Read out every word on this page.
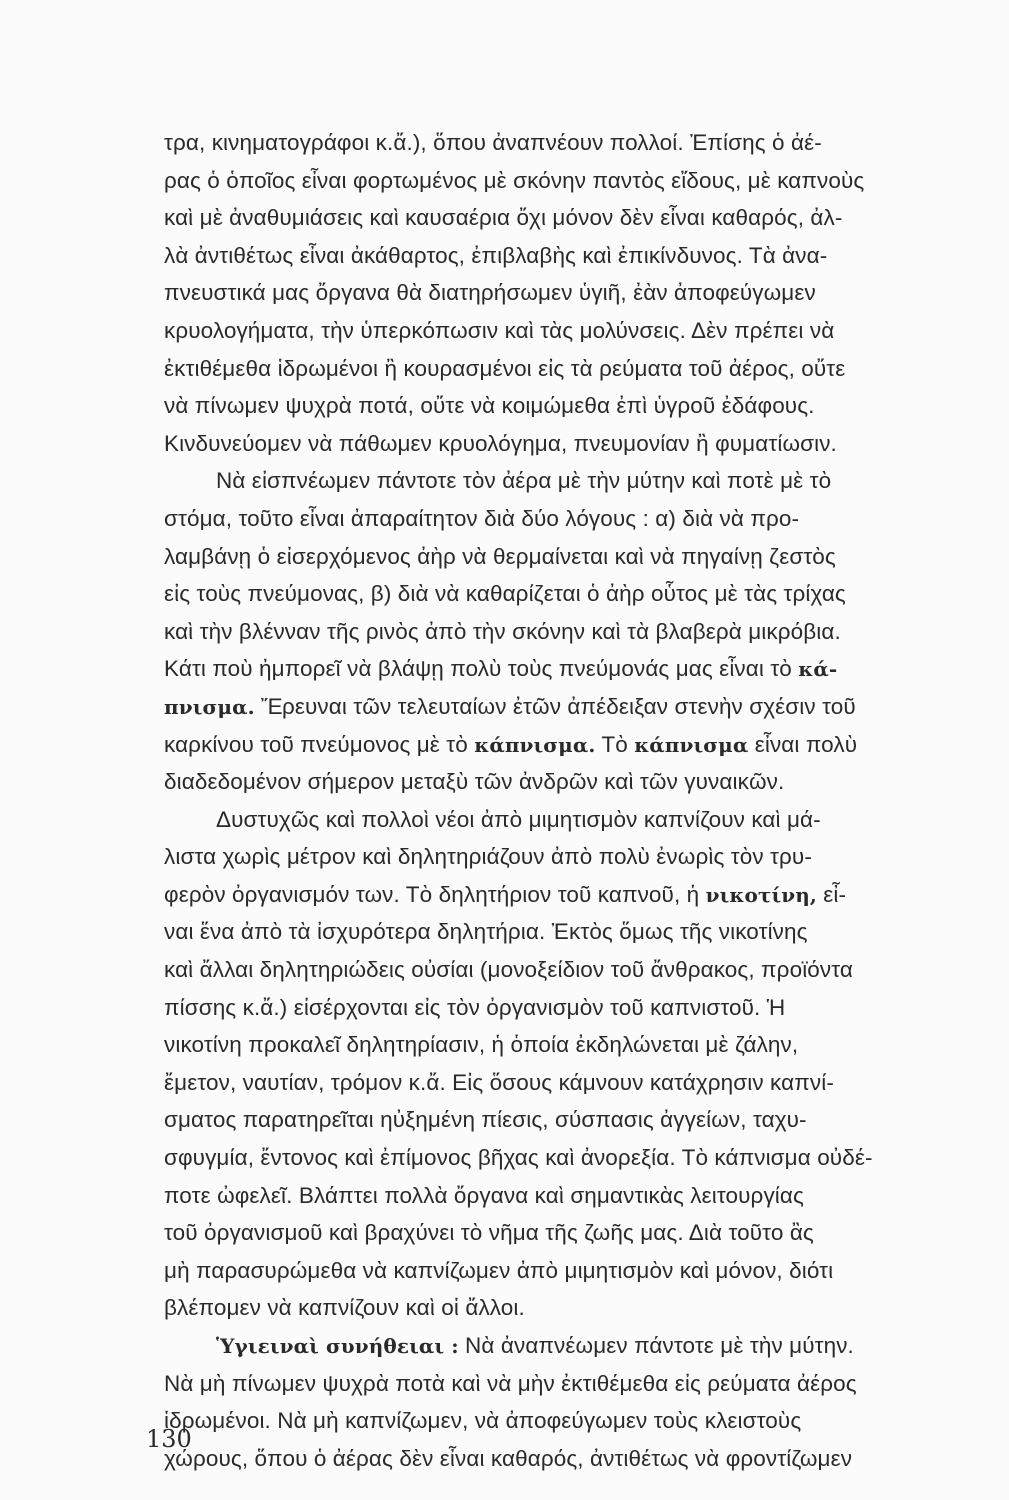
τρα, κινηματογράφοι κ.ἄ.), ὅπου ἀναπνέουν πολλοί. Ἐπίσης ὁ ἀέ-
ρας ὁ ὁποῖος εἶναι φορτωμένος μὲ σκόνην παντὸς εἴδους, μὲ καπνοὺς
καὶ μὲ ἀναθυμιάσεις καὶ καυσαέρια ὄχι μόνον δὲν εἶναι καθαρός, ἀλ-
λὰ ἀντιθέτως εἶναι ἀκάθαρτος, ἐπιβλαβὴς καὶ ἐπικίνδυνος. Τὰ ἀνα-
πνευστικά μας ὄργανα θὰ διατηρήσωμεν ὑγιῆ, ἐὰν ἀποφεύγωμεν
κρυολογήματα, τὴν ὑπερκόπωσιν καὶ τὰς μολύνσεις. Δὲν πρέπει νὰ
ἐκτιθέμεθα ἱδρωμένοι ἢ κουρασμένοι εἰς τὰ ρεύματα τοῦ ἀέρος, οὔτε
νὰ πίνωμεν ψυχρὰ ποτά, οὔτε νὰ κοιμώμεθα ἐπὶ ὑγροῦ ἐδάφους.
Κινδυνεύομεν νὰ πάθωμεν κρυολόγημα, πνευμονίαν ἢ φυματίωσιν.
Νὰ εἰσπνέωμεν πάντοτε τὸν ἀέρα μὲ τὴν μύτην καὶ ποτὲ μὲ τὸ
στόμα, τοῦτο εἶναι ἀπαραίτητον διὰ δύο λόγους : α) διὰ νὰ προ-
λαμβάνῃ ὁ εἰσερχόμενος ἀὴρ νὰ θερμαίνεται καὶ νὰ πηγαίνῃ ζεστὸς
εἰς τοὺς πνεύμονας, β) διὰ νὰ καθαρίζεται ὁ ἀὴρ οὗτος μὲ τὰς τρίχας
καὶ τὴν βλένναν τῆς ρινὸς ἀπὸ τὴν σκόνην καὶ τὰ βλαβερὰ μικρόβια.
Κάτι ποὺ ἠμπορεῖ νὰ βλάψῃ πολὺ τοὺς πνεύμονάς μας εἶναι τὸ κά-
πνισμα. Ἔρευναι τῶν τελευταίων ἐτῶν ἀπέδειξαν στενὴν σχέσιν τοῦ
καρκίνου τοῦ πνεύμονος μὲ τὸ κάπνισμα. Τὸ κάπνισμα εἶναι πολὺ
διαδεδομένον σήμερον μεταξὺ τῶν ἀνδρῶν καὶ τῶν γυναικῶν.
Δυστυχῶς καὶ πολλοὶ νέοι ἀπὸ μιμητισμὸν καπνίζουν καὶ μά-
λιστα χωρὶς μέτρον καὶ δηλητηριάζουν ἀπὸ πολὺ ἐνωρὶς τὸν τρυ-
φερὸν ὀργανισμόν των. Τὸ δηλητήριον τοῦ καπνοῦ, ἡ νικοτίνη, εἶ-
ναι ἕνα ἀπὸ τὰ ἰσχυρότερα δηλητήρια. Ἐκτὸς ὅμως τῆς νικοτίνης
καὶ ἄλλαι δηλητηριώδεις οὐσίαι (μονοξείδιον τοῦ ἄνθρακος, προϊόντα
πίσσης κ.ἄ.) εἰσέρχονται εἰς τὸν ὀργανισμὸν τοῦ καπνιστοῦ. Ἡ
νικοτίνη προκαλεῖ δηλητηρίασιν, ἡ ὁποία ἐκδηλώνεται μὲ ζάλην,
ἔμετον, ναυτίαν, τρόμον κ.ἄ. Εἰς ὅσους κάμνουν κατάχρησιν καπνί-
σματος παρατηρεῖται ηὐξημένη πίεσις, σύσπασις ἀγγείων, ταχυ-
σφυγμία, ἔντονος καὶ ἐπίμονος βῆχας καὶ ἀνορεξία. Τὸ κάπνισμα οὐδέ-
ποτε ὠφελεῖ. Βλάπτει πολλὰ ὄργανα καὶ σημαντικὰς λειτουργίας
τοῦ ὀργανισμοῦ καὶ βραχύνει τὸ νῆμα τῆς ζωῆς μας. Διὰ τοῦτο ἂς
μὴ παρασυρώμεθα νὰ καπνίζωμεν ἀπὸ μιμητισμὸν καὶ μόνον, διότι
βλέπομεν νὰ καπνίζουν καὶ οἱ ἄλλοι.
Ὑγιειναὶ συνήθειαι : Νὰ ἀναπνέωμεν πάντοτε μὲ τὴν μύτην.
Νὰ μὴ πίνωμεν ψυχρὰ ποτὰ καὶ νὰ μὴν ἐκτιθέμεθα εἰς ρεύματα ἀέρος
ἱδρωμένοι. Νὰ μὴ καπνίζωμεν, νὰ ἀποφεύγωμεν τοὺς κλειστοὺς
χώρους, ὅπου ὁ ἀέρας δὲν εἶναι καθαρός, ἀντιθέτως νὰ φροντίζωμεν
130
